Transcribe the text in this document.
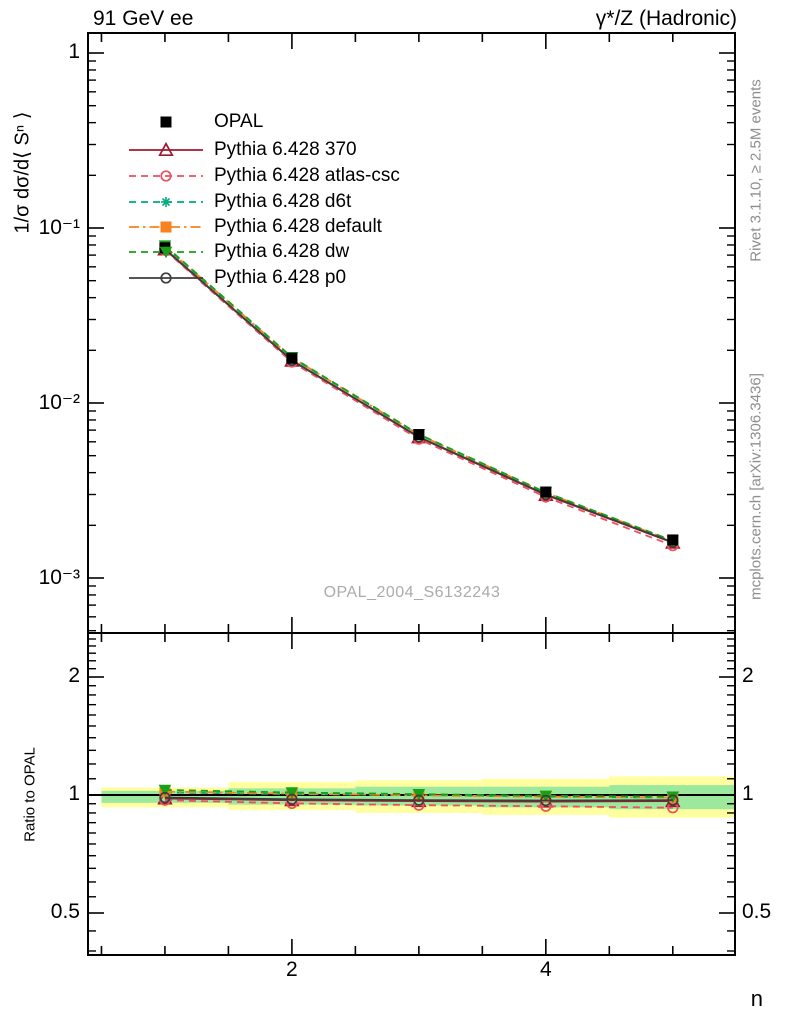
91 GeV ee	γ*/Z (Hadronic)
1/σ dσ/d⟨ Sⁿ ⟩
Ratio to OPAL
Rivet 3.1.10, ≥ 2.5M events
mcplots.cern.ch [arXiv:1306.3436]
OPAL_2004_S6132243
n
OPAL
Pythia 6.428 370
Pythia 6.428 atlas-csc
Pythia 6.428 d6t
Pythia 6.428 default
Pythia 6.428 dw
Pythia 6.428 p0
1
10⁻¹
10⁻²
10⁻³
2	2
1	1
0.5	0.5
2	4
